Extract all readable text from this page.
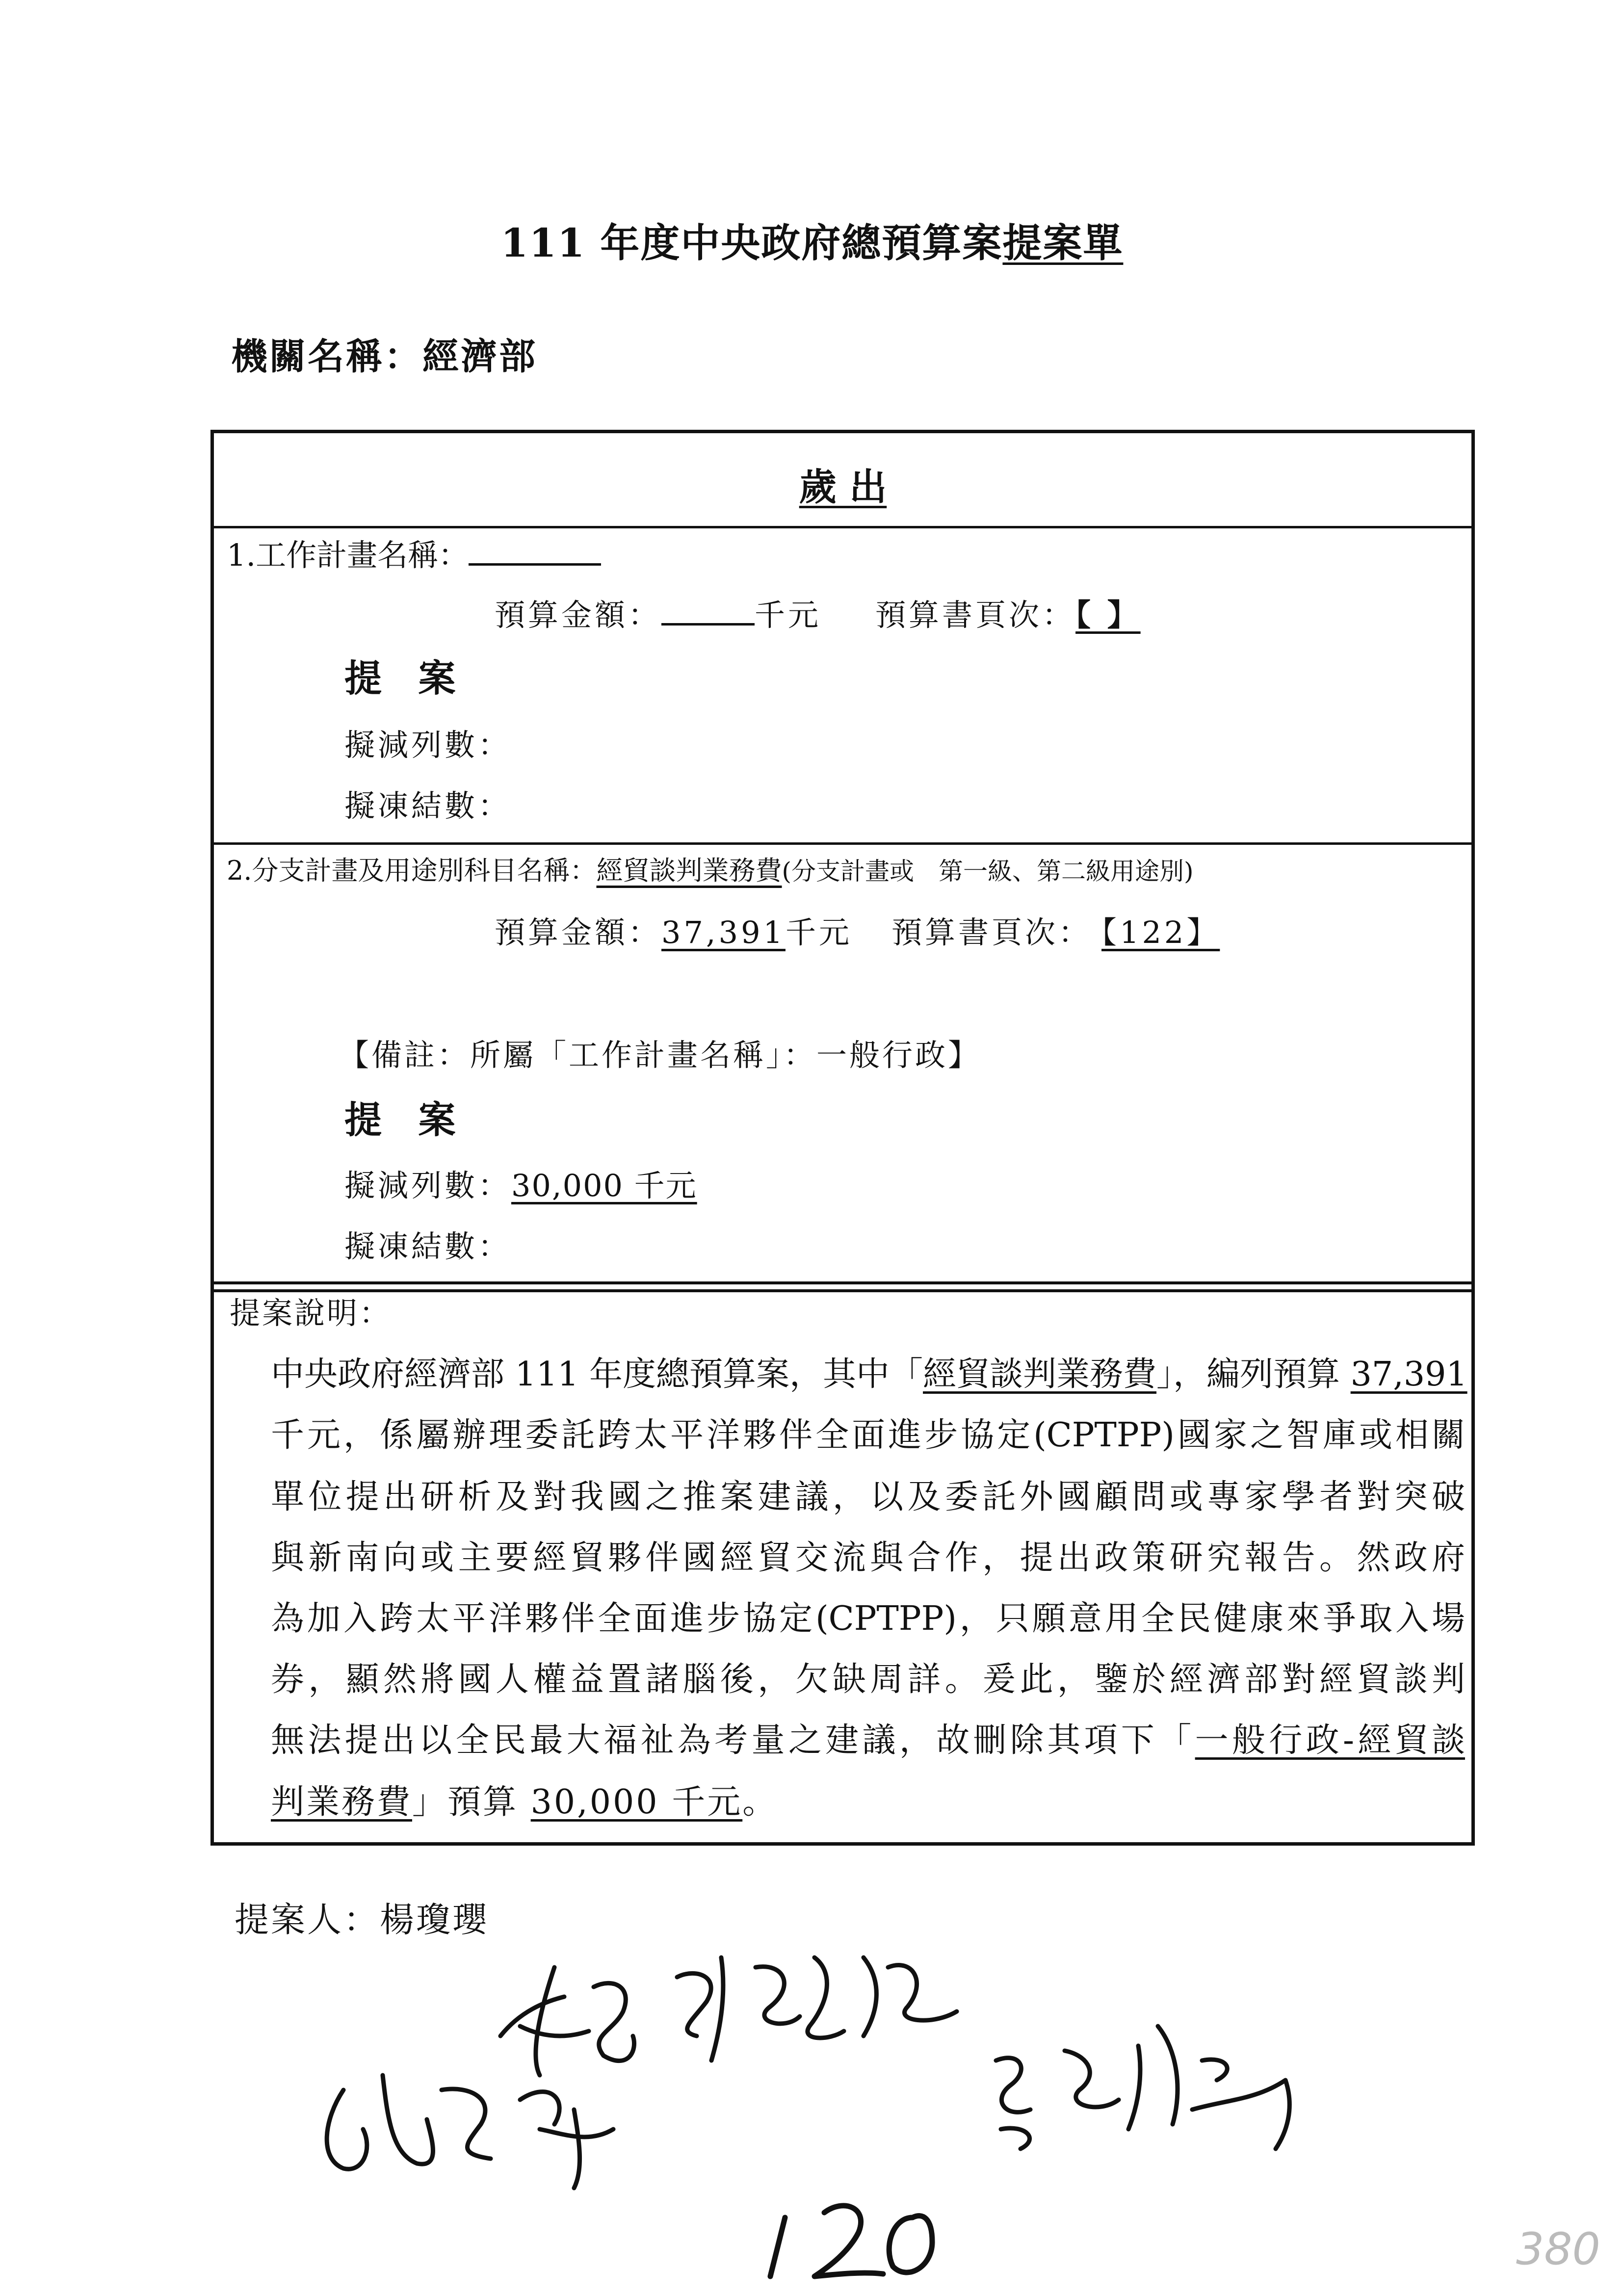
111 年度中央政府總預算案提案單
機關名稱：經濟部
歲 出
1.工作計畫名稱：
預算金額：	千元 預算書頁次：【 】
提 案
擬減列數：
擬凍結數：
2.分支計畫及用途別科目名稱：經貿談判業務費(分支計畫或　第一級、第二級用途別)
預算金額：37,391千元 預算書頁次： 【122】
【備註：所屬「工作計畫名稱」：一般行政】
提 案
擬減列數：30,000 千元
擬凍結數：
提案說明：
中央政府經濟部 111 年度總預算案，其中「經貿談判業務費」，編列預算 37,391
千元，係屬辦理委託跨太平洋夥伴全面進步協定(CPTPP)國家之智庫或相關
單位提出研析及對我國之推案建議，以及委託外國顧問或專家學者對突破
與新南向或主要經貿夥伴國經貿交流與合作，提出政策研究報告。然政府
為加入跨太平洋夥伴全面進步協定(CPTPP)，只願意用全民健康來爭取入場
券，顯然將國人權益置諸腦後，欠缺周詳。爰此，鑒於經濟部對經貿談判
無法提出以全民最大福祉為考量之建議，故刪除其項下「一般行政-經貿談
判業務費」預算 30,000 千元。
提案人：楊瓊瓔
380
